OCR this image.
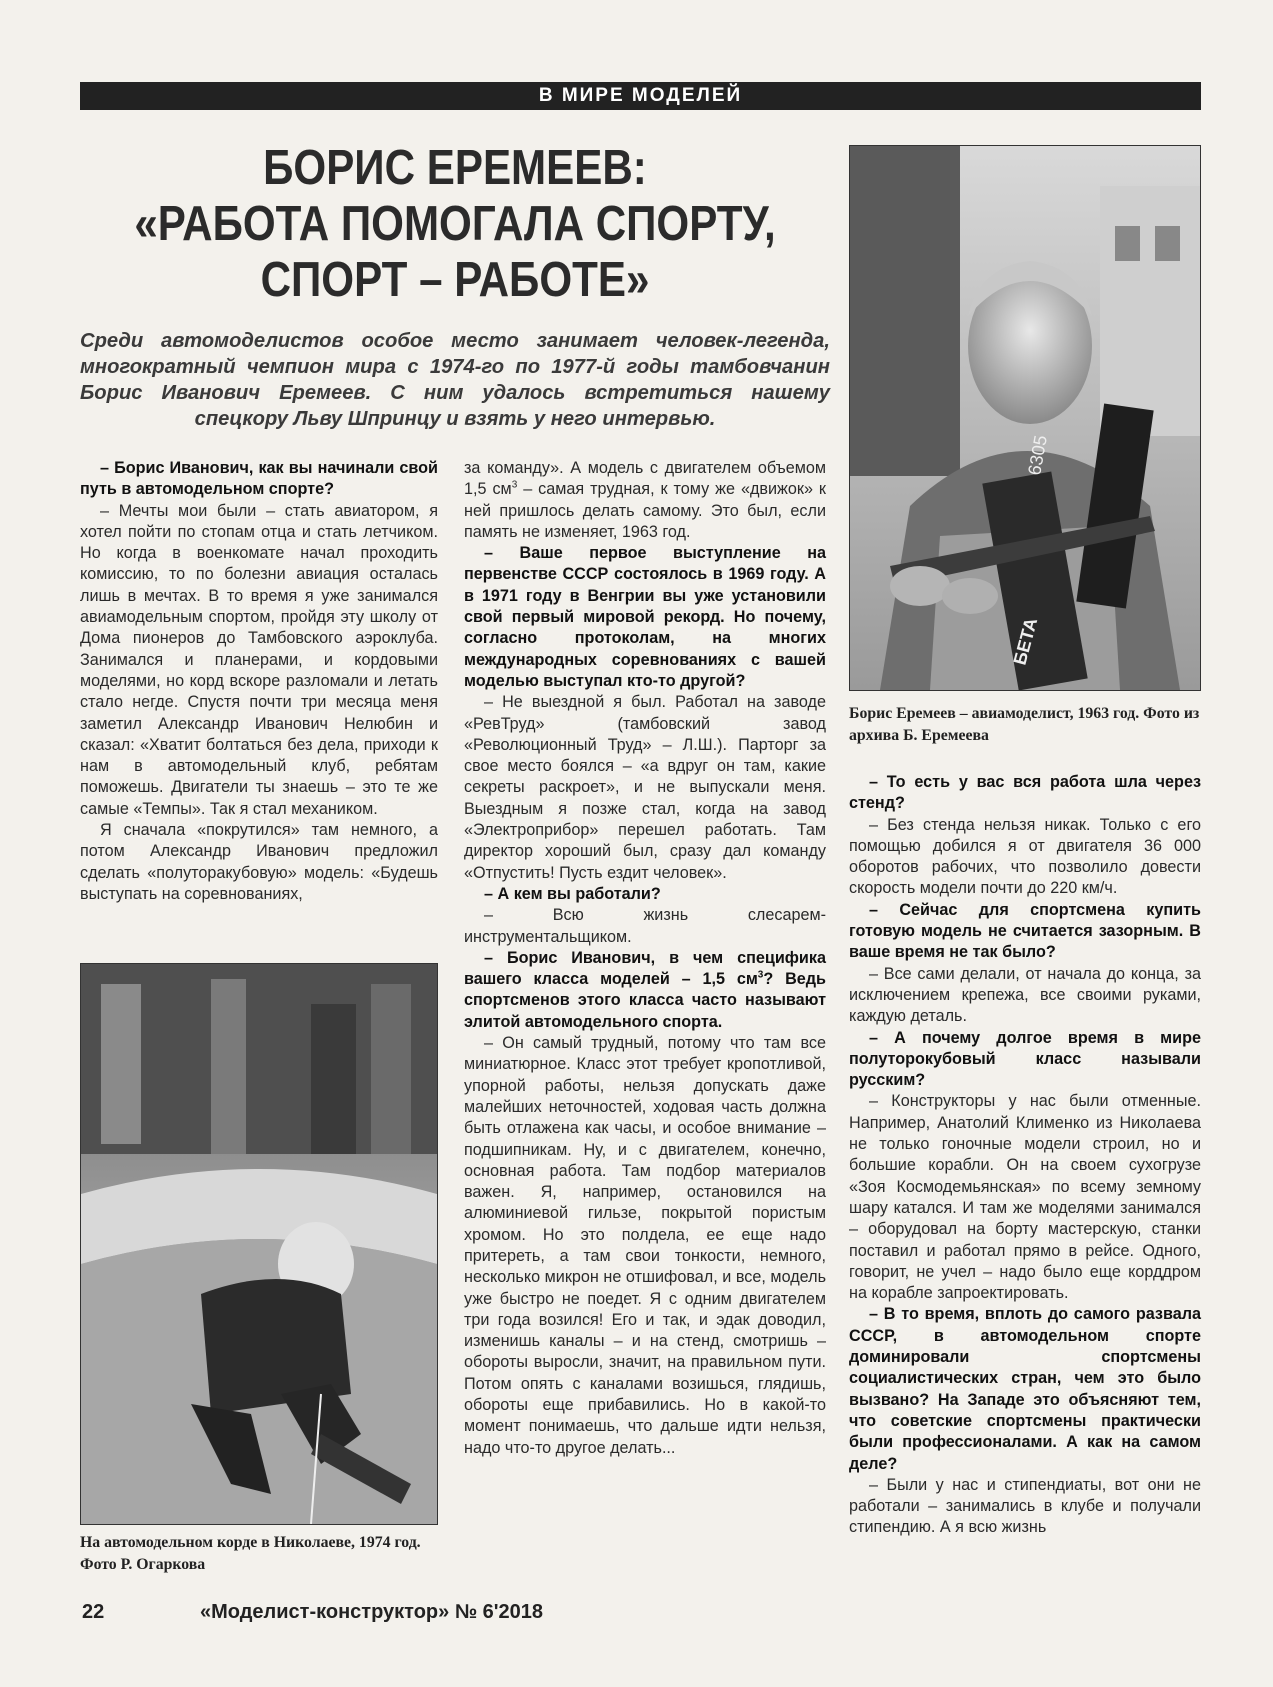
В МИРЕ МОДЕЛЕЙ
БОРИС ЕРЕМЕЕВ:
«РАБОТА ПОМОГАЛА СПОРТУ,
СПОРТ – РАБОТЕ»
Среди автомоделистов особое место занимает человек-легенда, многократный чемпион мира с 1974-го по 1977-й годы тамбовчанин Борис Иванович Еремеев. С ним удалось встретиться нашему спецкору Льву Шпринцу и взять у него интервью.
6305
БЕТА
Борис Еремеев – авиамоделист, 1963 год. Фото из архива Б. Еремеева
На автомодельном корде в Николаеве, 1974 год. Фото Р. Огаркова

– Борис Иванович, как вы начинали свой путь в автомодельном спорте?

– Мечты мои были – стать авиатором, я хотел пойти по стопам отца и стать летчиком. Но когда в военкомате начал проходить комиссию, то по болезни авиация осталась лишь в мечтах. В то время я уже занимался авиамодельным спортом, пройдя эту школу от Дома пионеров до Тамбовского аэроклуба. Занимался и планерами, и кордовыми моделями, но корд вскоре разломали и летать стало негде. Спустя почти три месяца меня заметил Александр Иванович Нелюбин и сказал: «Хватит болтаться без дела, приходи к нам в автомодельный клуб, ребятам поможешь. Двигатели ты знаешь – это те же самые «Темпы». Так я стал механиком.

Я сначала «покрутился» там немного, а потом Александр Иванович предложил сделать «полуторакубовую» модель: «Будешь выступать на соревнованиях,

за команду». А модель с двигателем объемом 1,5 $см^3$ – самая трудная, к тому же «движок» к ней пришлось делать самому. Это был, если память не изменяет, 1963 год.

– Ваше первое выступление на первенстве СССР состоялось в 1969 году. А в 1971 году в Венгрии вы уже установили свой первый мировой рекорд. Но почему, согласно протоколам, на многих международных соревнованиях с вашей моделью выступал кто-то другой?

– Не выездной я был. Работал на заводе «РевТруд» (тамбовский завод «Революционный Труд» – Л.Ш.). Парторг за свое место боялся – «а вдруг он там, какие секреты раскроет», и не выпускали меня. Выездным я позже стал, когда на завод «Электроприбор» перешел работать. Там директор хороший был, сразу дал команду «Отпустить! Пусть ездит человек».

– А кем вы работали?

– Всю жизнь слесарем-инструментальщиком.

– Борис Иванович, в чем специфика вашего класса моделей – 1,5 $см^3$? Ведь спортсменов этого класса часто называют элитой автомодельного спорта.

– Он самый трудный, потому что там все миниатюрное. Класс этот требует кропотливой, упорной работы, нельзя допускать даже малейших неточностей, ходовая часть должна быть отлажена как часы, и особое внимание – подшипникам. Ну, и с двигателем, конечно, основная работа. Там подбор материалов важен. Я, например, остановился на алюминиевой гильзе, покрытой пористым хромом. Но это полдела, ее еще надо притереть, а там свои тонкости, немного, несколько микрон не отшифовал, и все, модель уже быстро не поедет. Я с одним двигателем три года возился! Его и так, и эдак доводил, изменишь каналы – и на стенд, смотришь – обороты выросли, значит, на правильном пути. Потом опять с каналами возишься, глядишь, обороты еще прибавились. Но в какой-то момент понимаешь, что дальше идти нельзя, надо что-то другое делать...

– То есть у вас вся работа шла через стенд?

– Без стенда нельзя никак. Только с его помощью добился я от двигателя 36 000 оборотов рабочих, что позволило довести скорость модели почти до 220 км/ч.

– Сейчас для спортсмена купить готовую модель не считается зазорным. В ваше время не так было?

– Все сами делали, от начала до конца, за исключением крепежа, все своими руками, каждую деталь.

– А почему долгое время в мире полуторокубовый класс называли русским?

– Конструкторы у нас были отменные. Например, Анатолий Клименко из Николаева не только гоночные модели строил, но и большие корабли. Он на своем сухогрузе «Зоя Космодемьянская» по всему земному шару катался. И там же моделями занимался – оборудовал на борту мастерскую, станки поставил и работал прямо в рейсе. Одного, говорит, не учел – надо было еще корддром на корабле запроектировать.

– В то время, вплоть до самого развала СССР, в автомодельном спорте доминировали спортсмены социалистических стран, чем это было вызвано? На Западе это объясняют тем, что советские спортсмены практически были профессионалами. А как на самом деле?

– Были у нас и стипендиаты, вот они не работали – занимались в клубе и получали стипендию. А я всю жизнь

22	«Моделист-конструктор» № 6'2018
